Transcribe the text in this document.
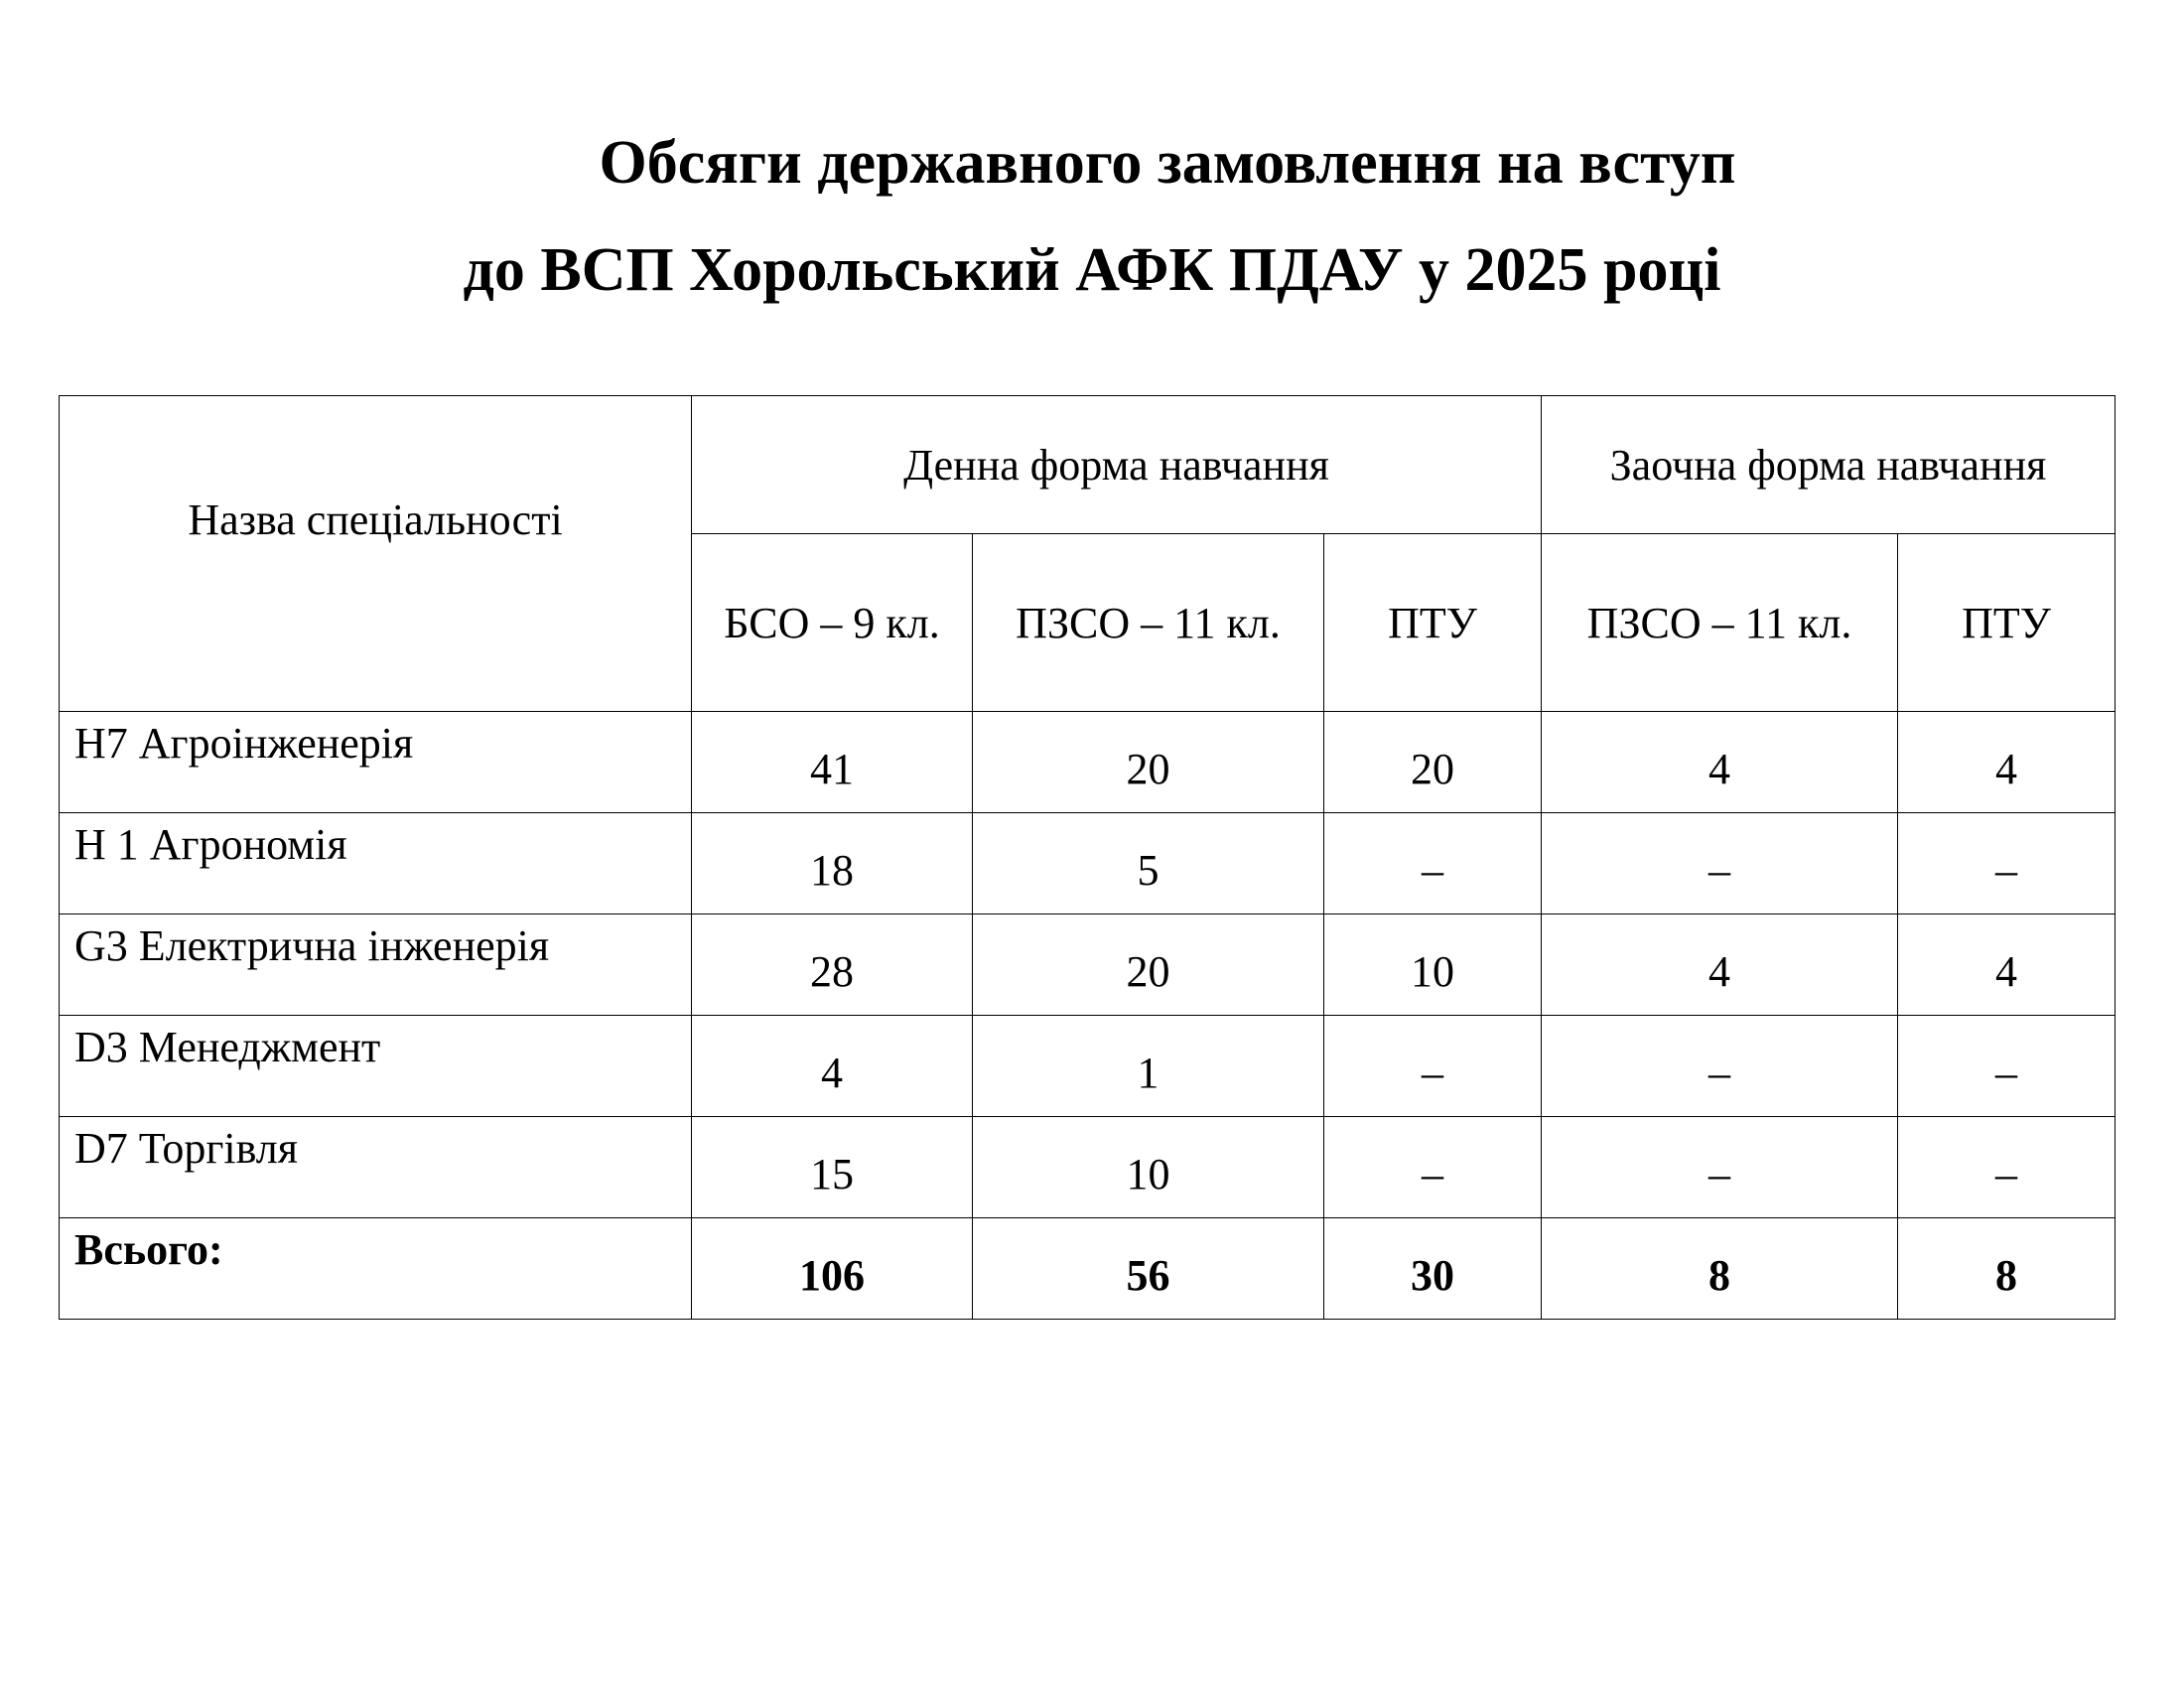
Обсяги державного замовлення на вступ
до ВСП Хорольський АФК ПДАУ у 2025 році
Назва спеціальності	Денна форма навчання			Заочна форма навчання	
	БСО – 9 кл.	ПЗСО – 11 кл.	ПТУ	ПЗСО – 11 кл.	ПТУ
H7 Агроінженерія	41	20	20	4	4
H 1 Агрономія	18	5	–	–	–
G3 Електрична інженерія	28	20	10	4	4
D3 Менеджмент	4	1	–	–	–
D7 Торгівля	15	10	–	–	–
Всього:	106	56	30	8	8
